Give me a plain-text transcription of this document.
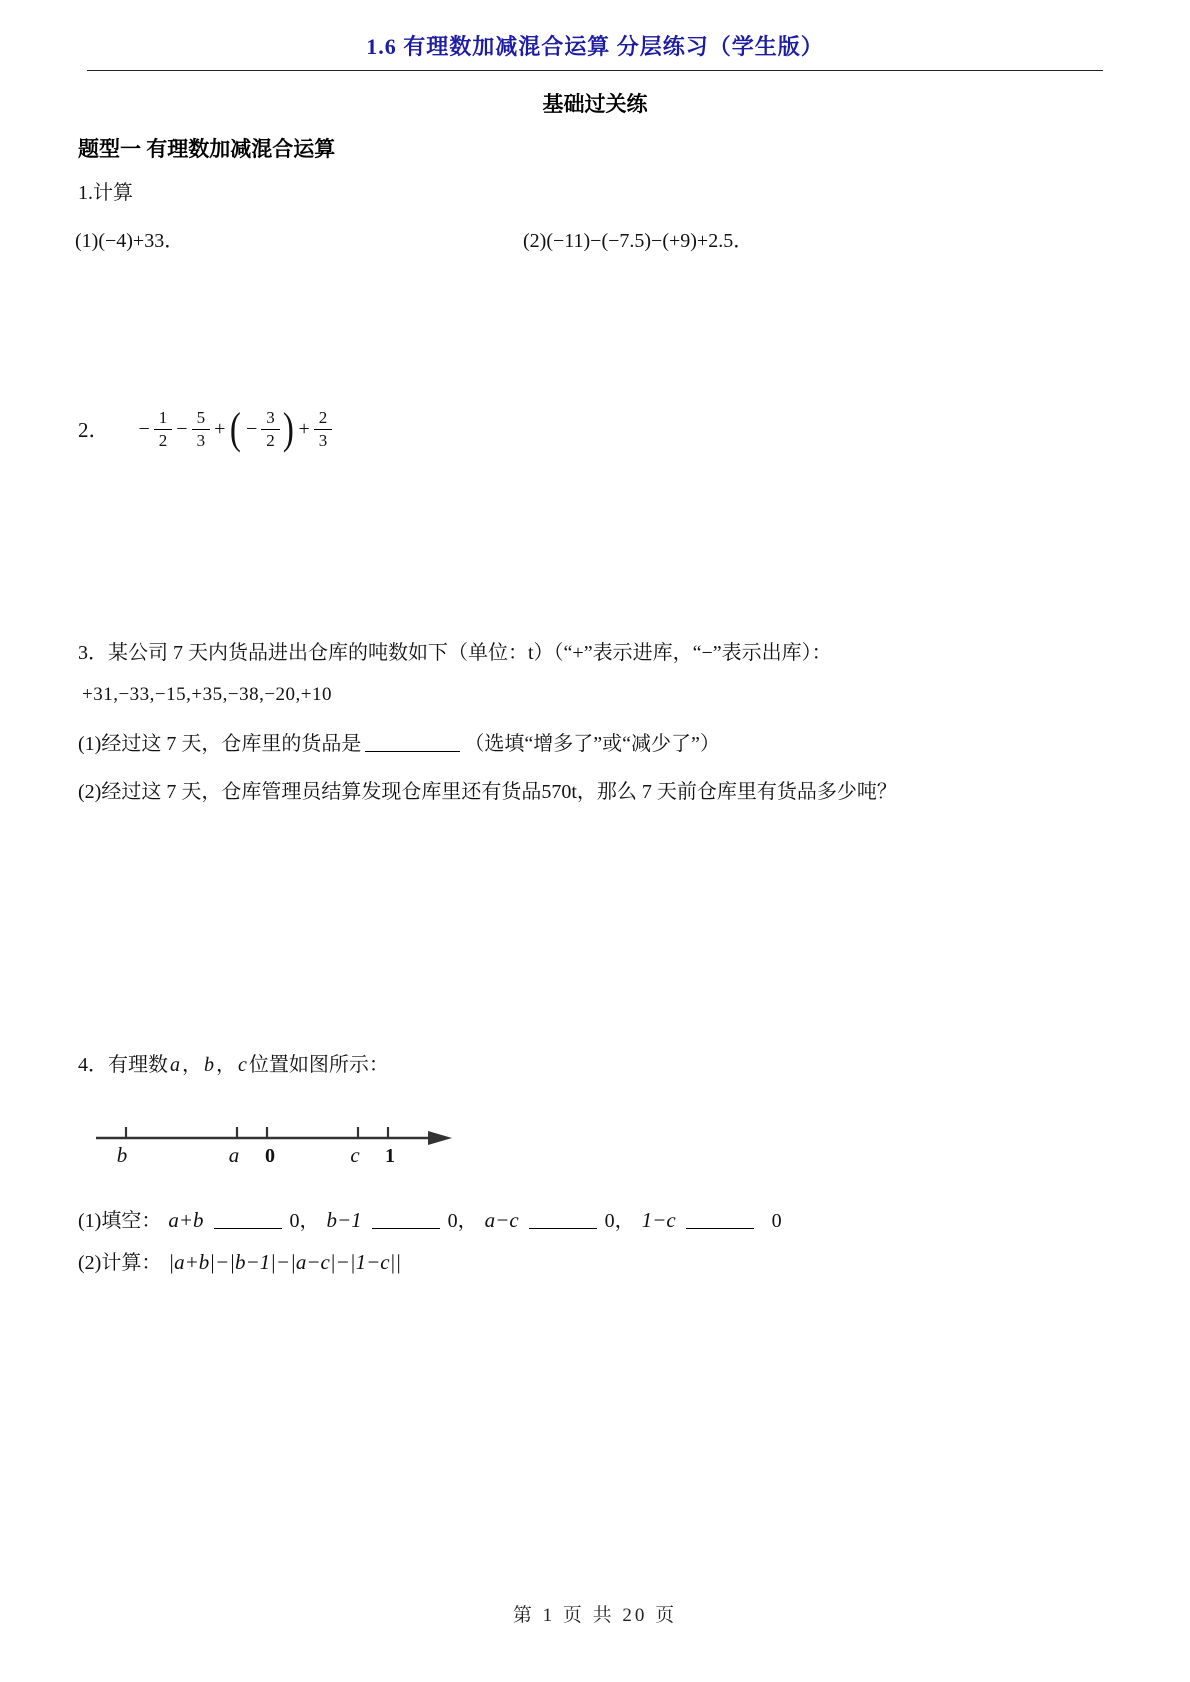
1.6 有理数加减混合运算 分层练习（学生版）
基础过关练
题型一 有理数加减混合运算
1.计算
(1)(−4)+33．	(2)(−11)−(−7.5)−(+9)+2.5．
2． − $\frac{1}{2} - \frac{5}{3}$ + ( − $\frac{3}{2}$ ) + $\frac{2}{3}$
3．某公司 7 天内货品进出仓库的吨数如下（单位：t）（“+”表示进库，“−”表示出库）：
+31,−33,−15,+35,−38,−20,+10
(1)经过这 7 天，仓库里的货品是	（选填“增多了”或“减少了”）
(2)经过这 7 天，仓库管理员结算发现仓库里还有货品570t，那么 7 天前仓库里有货品多少吨？
4．有理数 a ， b ， c 位置如图所示：
b	a 0	c 1
(1)填空： a+b	0， b−1	0， a−c	0， 1−c	0
(2)计算： |a+b|−|b−1|−|a−c|−|1−c||
第 1 页 共 20 页
